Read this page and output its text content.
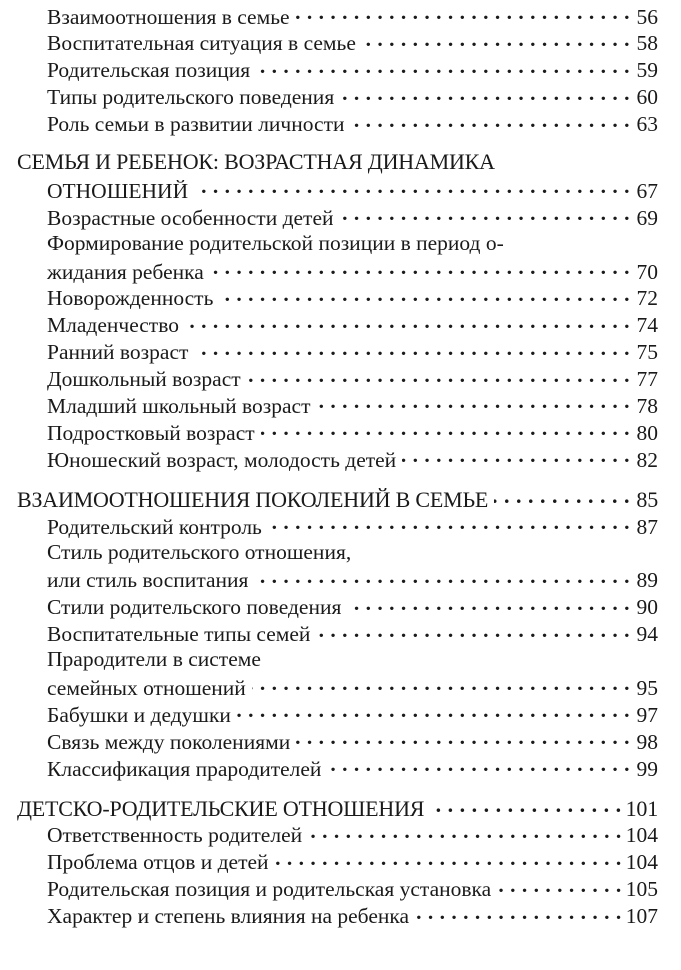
Взаимоотношения в семье . . .	56
Воспитательная ситуация в семье . . .	58
Родительская позиция . . .	59
Типы родительского поведения . . .	60
Роль семьи в развитии личности . . .	63
СЕМЬЯ И РЕБЕНОК: ВОЗРАСТНАЯ ДИНАМИКА
ОТНОШЕНИЙ . . .	67
Возрастные особенности детей . . .	69
Формирование родительской позиции в период о-
жидания ребенка . . .	70
Новорожденность . . .	72
Младенчество . . .	74
Ранний возраст . . .	75
Дошкольный возраст . . .	77
Младший школьный возраст . . .	78
Подростковый возраст . . .	80
Юношеский возраст, молодость детей . . .	82
ВЗАИМООТНОШЕНИЯ ПОКОЛЕНИЙ В СЕМЬЕ . . .	85
Родительский контроль . . .	87
Стиль родительского отношения,
или стиль воспитания . . .	89
Стили родительского поведения . . .	90
Воспитательные типы семей . . .	94
Прародители в системе
семейных отношений . . .	95
Бабушки и дедушки . . .	97
Связь между поколениями . . .	98
Классификация прародителей . . .	99
ДЕТСКО-РОДИТЕЛЬСКИЕ ОТНОШЕНИЯ . . .	101
Ответственность родителей . . .	104
Проблема отцов и детей . . .	104
Родительская позиция и родительская установка . . .	105
Характер и степень влияния на ребенка . . .	107
